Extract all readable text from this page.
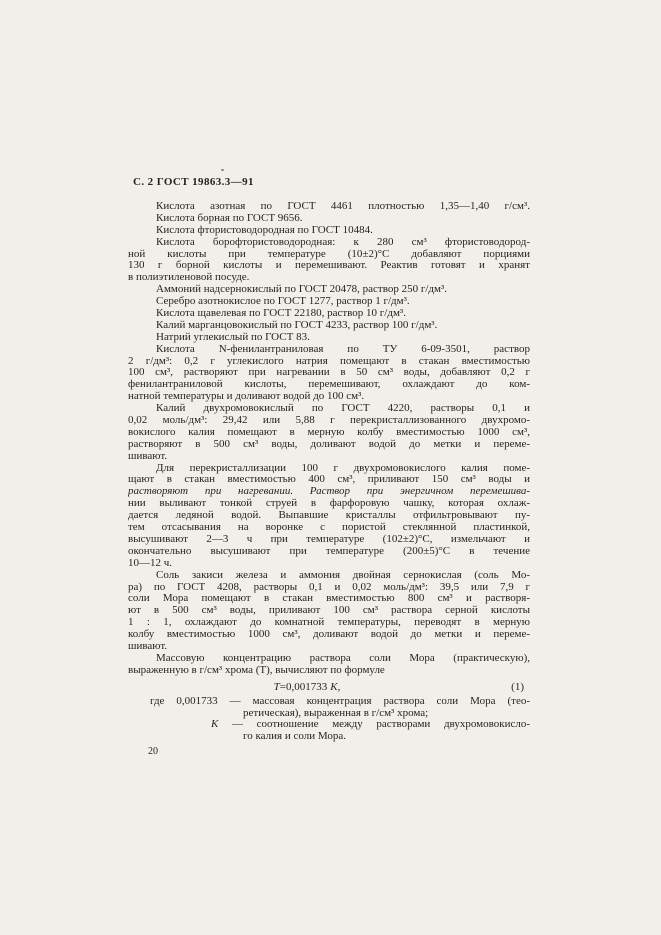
С. 2 ГОСТ 19863.3—91
Кислота азотная по ГОСТ 4461 плотностью 1,35—1,40 г/см³.
Кислота борная по ГОСТ 9656.
Кислота фтористоводородная по ГОСТ 10484.
Кислота борофтористоводородная: к 280 см³ фтористоводород-
ной кислоты при температуре (10±2)°С добавляют порциями
130 г борной кислоты и перемешивают. Реактив готовят и хранят
в полиэтиленовой посуде.
Аммоний надсернокислый по ГОСТ 20478, раствор 250 г/дм³.
Серебро азотнокислое по ГОСТ 1277, раствор 1 г/дм³.
Кислота щавелевая по ГОСТ 22180, раствор 10 г/дм³.
Калий марганцовокислый по ГОСТ 4233, раствор 100 г/дм³.
Натрий углекислый по ГОСТ 83.
Кислота N-фенилантраниловая по ТУ 6-09-3501, раствор
2 г/дм³: 0,2 г углекислого натрия помещают в стакан вместимостью
100 см³, растворяют при нагревании в 50 см³ воды, добавляют 0,2 г
фенилантраниловой кислоты, перемешивают, охлаждают до ком-
натной температуры и доливают водой до 100 см³.
Калий двухромовокислый по ГОСТ 4220, растворы 0,1 и
0,02 моль/дм³: 29,42 или 5,88 г перекристаллизованного двухромо-
вокислого калия помещают в мерную колбу вместимостью 1000 см³,
растворяют в 500 см³ воды, доливают водой до метки и переме-
шивают.
Для перекристаллизации 100 г двухромовокислого калия поме-
щают в стакан вместимостью 400 см³, приливают 150 см³ воды и
растворяют при нагревании. Раствор при энергичном перемешива-
нии выливают тонкой струей в фарфоровую чашку, которая охлаж-
дается ледяной водой. Выпавшие кристаллы отфильтровывают пу-
тем отсасывания на воронке с пористой стеклянной пластинкой,
высушивают 2—3 ч при температуре (102±2)°С, измельчают и
окончательно высушивают при температуре (200±5)°С в течение
10—12 ч.
Соль закиси железа и аммония двойная сернокислая (соль Мо-
ра) по ГОСТ 4208, растворы 0,1 и 0,02 моль/дм³: 39,5 или 7,9 г
соли Мора помещают в стакан вместимостью 800 см³ и растворя-
ют в 500 см³ воды, приливают 100 см³ раствора серной кислоты
1 : 1, охлаждают до комнатной температуры, переводят в мерную
колбу вместимостью 1000 см³, доливают водой до метки и переме-
шивают.
Массовую концентрацию раствора соли Мора (практическую),
выраженную в г/см³ хрома (Т), вычисляют по формуле
Т=0,001733 К,	(1)
где 0,001733 — массовая концентрация раствора соли Мора (тео-
ретическая), выраженная в г/см³ хрома;
К — соотношение между растворами двухромовокисло-
го калия и соли Мора.
20
